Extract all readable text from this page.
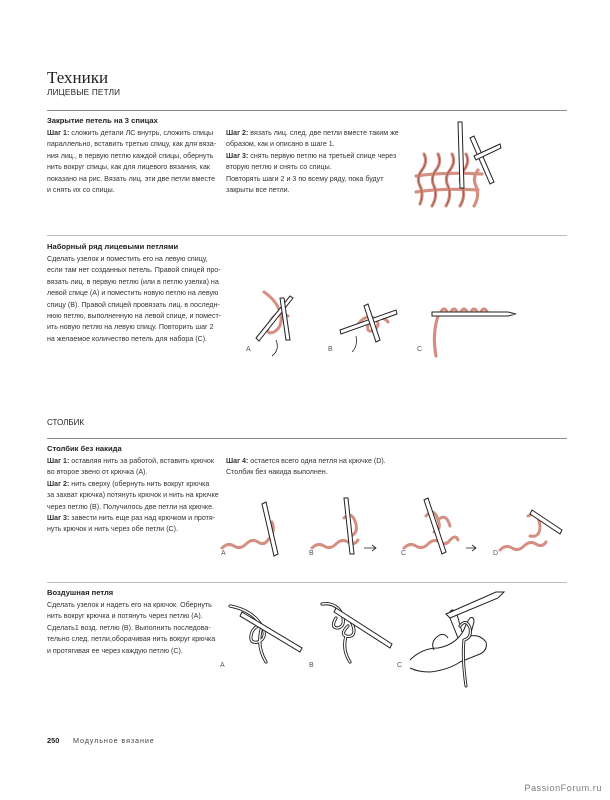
Техники
ЛИЦЕВЫЕ ПЕТЛИ
Закрытие петель на 3 спицах

Шаг 1: сложить детали ЛС внутрь, сложить спицы

параллельно, вставить третью спицу, как для вяза-

ния лиц., в первую петлю каждой спицы, обернуть

нить вокруг спицы, как для лицевого вязания, как

показано на рис. Вязать лиц. эти две петли вместе

и снять их со спицы.

Шаг 2: вязать лиц. след. две петли вместе таким же

образом, как и описано в шаге 1.

Шаг 3: снять первую петлю на третьей спице через

вторую петлю и снять со спицы.

Повторять шаги 2 и 3 по всему ряду, пока будут

закрыты все петли.

Наборный ряд лицевыми петлями

Сделать узелок и поместить его на левую спицу,

если там нет созданных петель. Правой спицей про-

вязать лиц. в первую петлю (или в петлю узелка) на

левой спице (А) и поместить новую петлю на левую

спицу (В). Правой спицей провязать лиц. в последн-

нюю петлю, выполненную на левой спице, и помест-

ить новую петлю на левую спицу. Повторить шаг 2

на желаемое количество петель для набора (С).

A	B	C
СТОЛБИК
Столбик без накида

Шаг 1: оставляя нить за работой, вставить крючок

во второе звено от крючка (А).

Шаг 2: нить сверху (обернуть нить вокруг крючка

за захват крючка) потянуть крючок и нить на крючке

через петлю (В). Получилось две петли на крючке.

Шаг 3: завести нить еще раз над крючком и протя-

нуть крючок и нить через обе петли (С).

Шаг 4: остается всего одна петля на крючке (D).

Столбик без накида выполнен.

A	B	C	D
Воздушная петля

Сделать узелок и надеть его на крючок. Обернуть

нить вокруг крючка и потянуть через петлю (А).

Сделать1 возд. петлю (В). Выполнить последова-

тельно след. петли,оборачивая нить вокруг крючка

и протягивая ее через каждую петлю (С).

A	B	C
250 Модульное вязание
PassionForum.ru
